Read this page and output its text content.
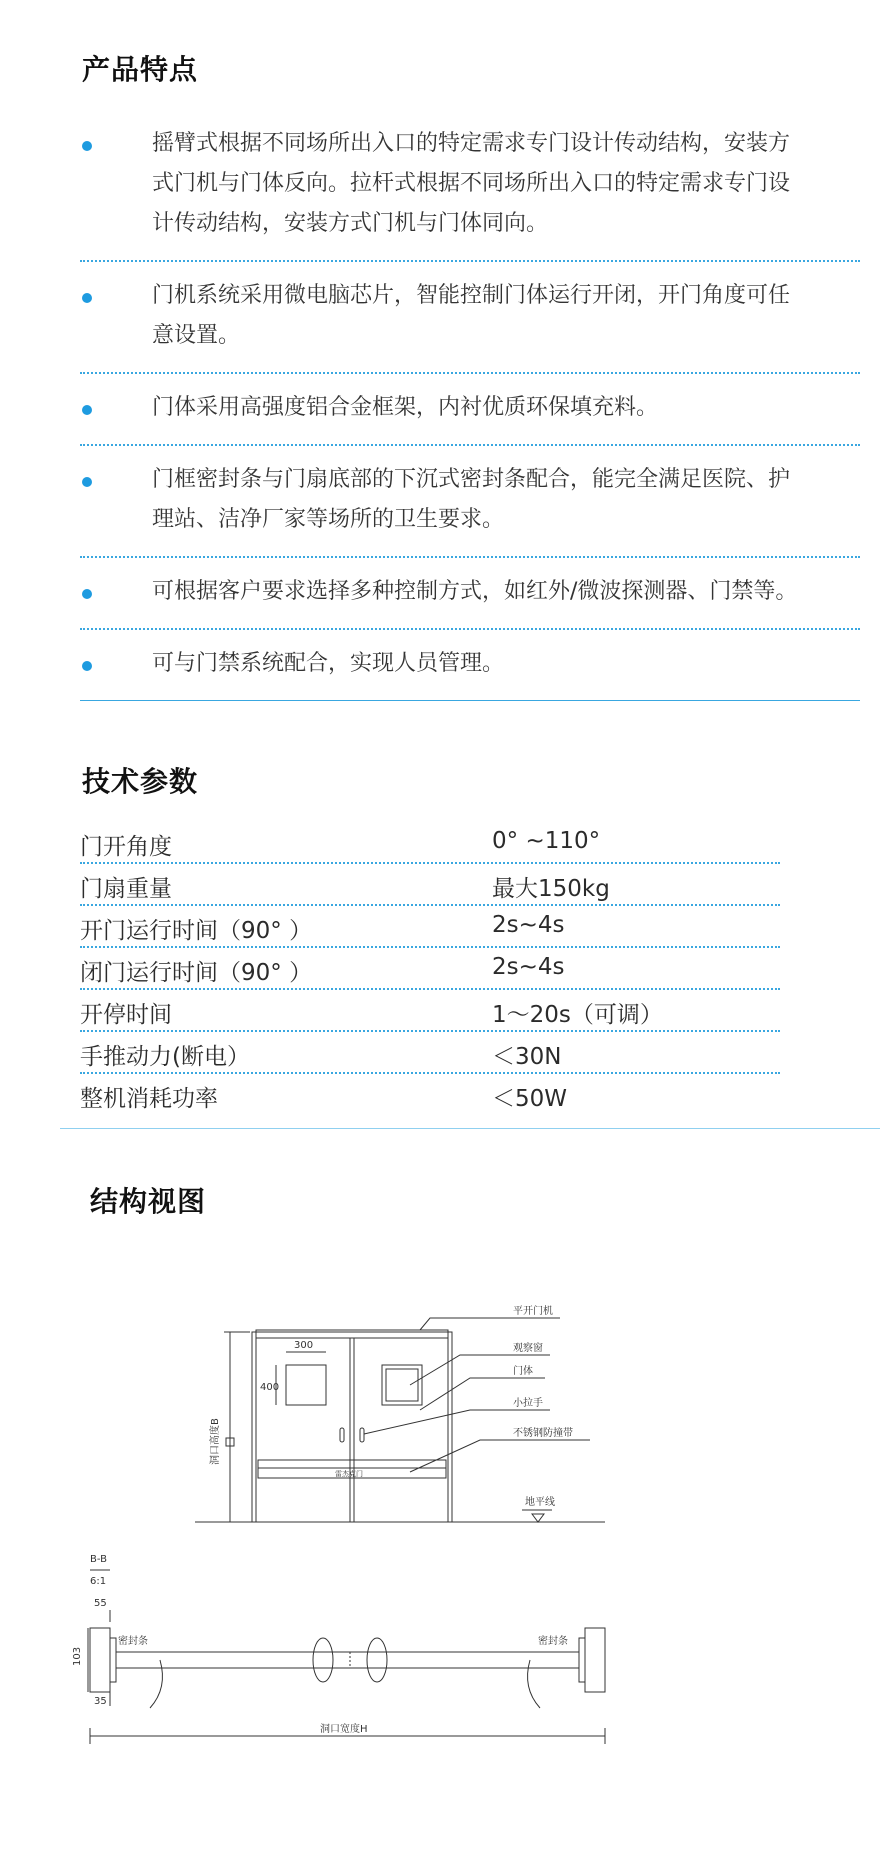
产品特点
摇臂式根据不同场所出入口的特定需求专门设计传动结构，安装方式门机与门体反向。拉杆式根据不同场所出入口的特定需求专门设计传动结构，安装方式门机与门体同向。
门机系统采用微电脑芯片，智能控制门体运行开闭，开门角度可任意设置。
门体采用高强度铝合金框架，内衬优质环保填充料。
门框密封条与门扇底部的下沉式密封条配合，能完全满足医院、护理站、洁净厂家等场所的卫生要求。
可根据客户要求选择多种控制方式，如红外/微波探测器、门禁等。
可与门禁系统配合，实现人员管理。
技术参数
门开角度	0° ~110°
门扇重量	最大150kg
开门运行时间（90° ）	2s~4s
闭门运行时间（90° ）	2s~4s
开停时间	1～20s（可调）
手推动力(断电）	＜30N
整机消耗功率	＜50W
结构视图
平开门机
观察窗
门体
小拉手
不锈钢防撞带
地平线
300
400
雷杰克门
洞口高度B
B-B
6:1
55
103
35
密封条	密封条
洞口宽度H
